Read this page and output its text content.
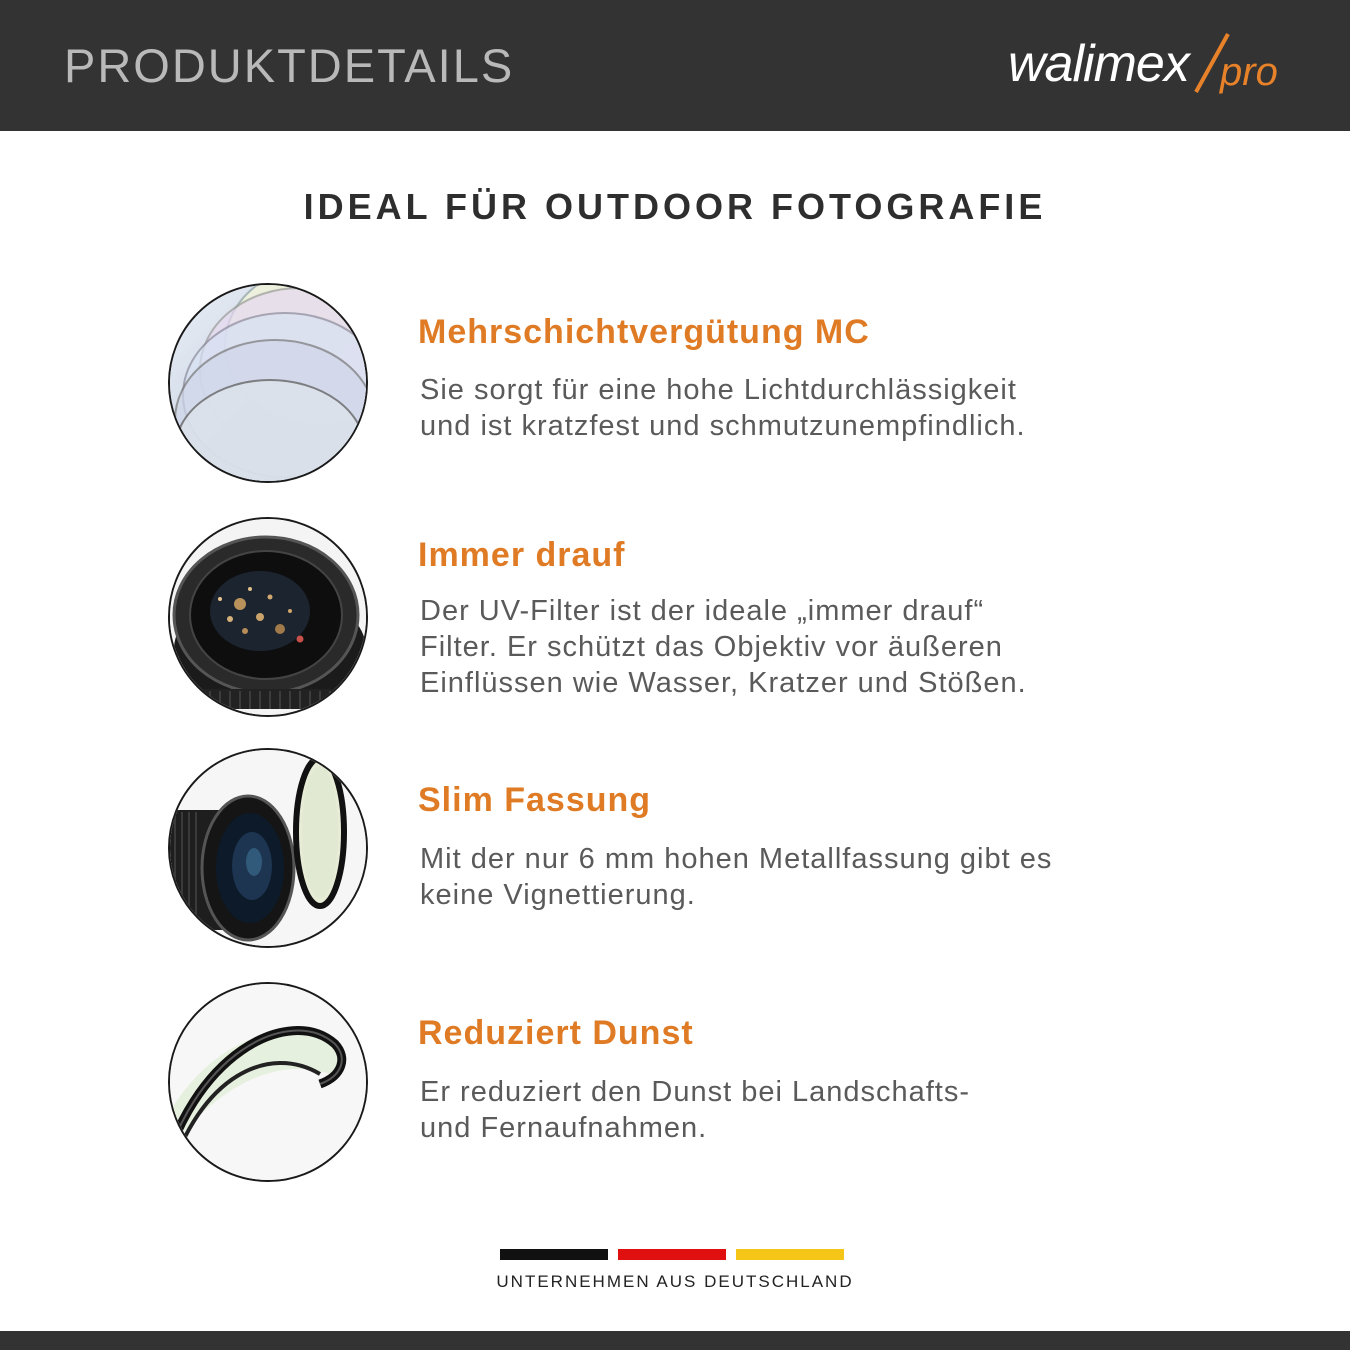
PRODUKTDETAILS	walimex pro
IDEAL FÜR OUTDOOR FOTOGRAFIE
Mehrschichtvergütung MC
Sie sorgt für eine hohe Lichtdurchlässigkeit
und ist kratzfest und schmutzunempfindlich.
Immer drauf
Der UV-Filter ist der ideale „immer drauf“
Filter. Er schützt das Objektiv vor äußeren
Einflüssen wie Wasser, Kratzer und Stößen.
Slim Fassung
Mit der nur 6 mm hohen Metallfassung gibt es
keine Vignettierung.
Reduziert Dunst
Er reduziert den Dunst bei Landschafts-
und Fernaufnahmen.
UNTERNEHMEN AUS DEUTSCHLAND
